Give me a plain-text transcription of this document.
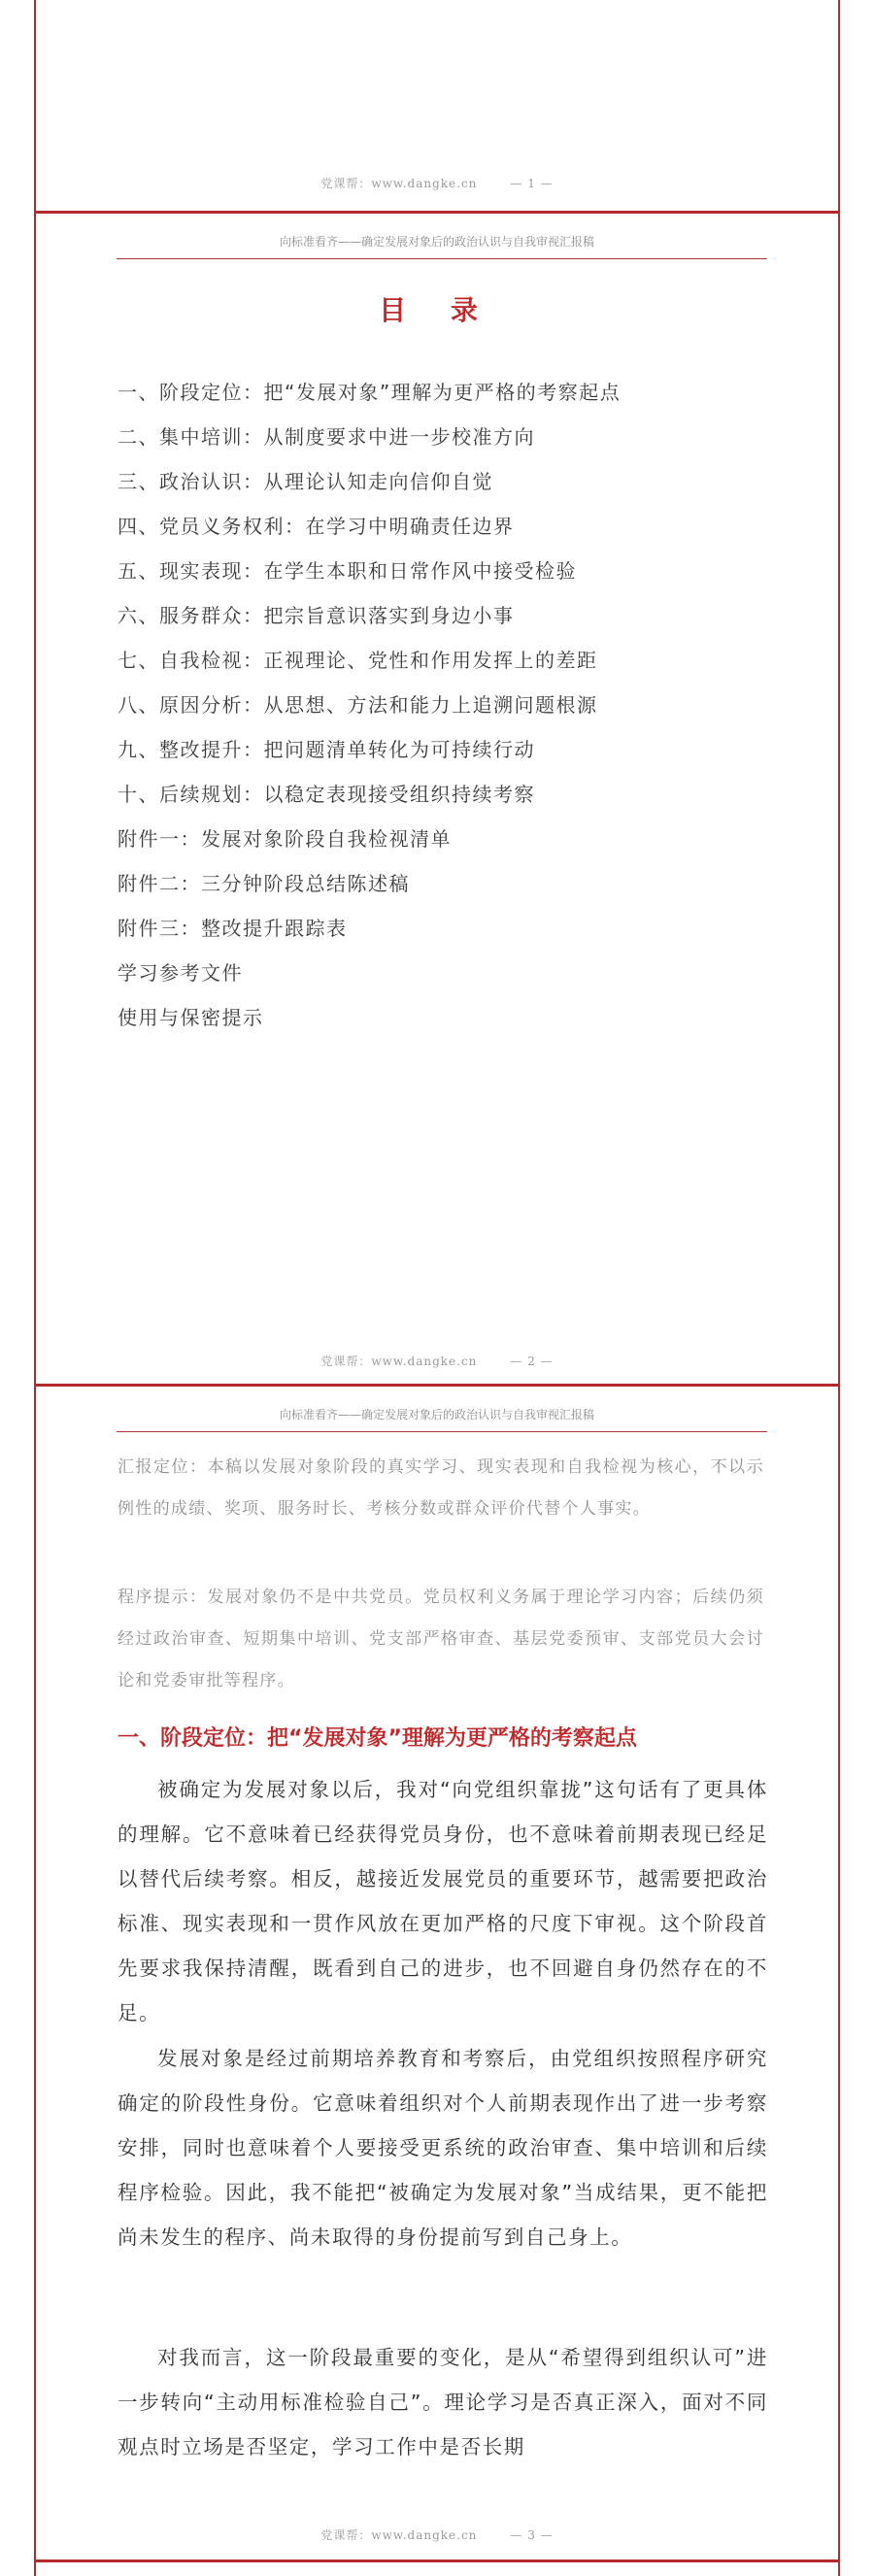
党课帮：www.dangke.cn	— 1 —
向标准看齐——确定发展对象后的政治认识与自我审视汇报稿
目 录
一、阶段定位：把“发展对象”理解为更严格的考察起点
二、集中培训：从制度要求中进一步校准方向
三、政治认识：从理论认知走向信仰自觉
四、党员义务权利：在学习中明确责任边界
五、现实表现：在学生本职和日常作风中接受检验
六、服务群众：把宗旨意识落实到身边小事
七、自我检视：正视理论、党性和作用发挥上的差距
八、原因分析：从思想、方法和能力上追溯问题根源
九、整改提升：把问题清单转化为可持续行动
十、后续规划：以稳定表现接受组织持续考察
附件一：发展对象阶段自我检视清单
附件二：三分钟阶段总结陈述稿
附件三：整改提升跟踪表
学习参考文件
使用与保密提示
党课帮：www.dangke.cn	— 2 —
向标准看齐——确定发展对象后的政治认识与自我审视汇报稿
汇报定位：本稿以发展对象阶段的真实学习、现实表现和自我检视为核心，不以示例性的成绩、奖项、服务时长、考核分数或群众评价代替个人事实。
程序提示：发展对象仍不是中共党员。党员权利义务属于理论学习内容；后续仍须经过政治审查、短期集中培训、党支部严格审查、基层党委预审、支部党员大会讨论和党委审批等程序。
一、阶段定位：把“发展对象”理解为更严格的考察起点
被确定为发展对象以后，我对“向党组织靠拢”这句话有了更具体的理解。它不意味着已经获得党员身份，也不意味着前期表现已经足以替代后续考察。相反，越接近发展党员的重要环节，越需要把政治标准、现实表现和一贯作风放在更加严格的尺度下审视。这个阶段首先要求我保持清醒，既看到自己的进步，也不回避自身仍然存在的不足。
发展对象是经过前期培养教育和考察后，由党组织按照程序研究确定的阶段性身份。它意味着组织对个人前期表现作出了进一步考察安排，同时也意味着个人要接受更系统的政治审查、集中培训和后续程序检验。因此，我不能把“被确定为发展对象”当成结果，更不能把尚未发生的程序、尚未取得的身份提前写到自己身上。
对我而言，这一阶段最重要的变化，是从“希望得到组织认可”进一步转向“主动用标准检验自己”。理论学习是否真正深入，面对不同观点时立场是否坚定，学习工作中是否长期
党课帮：www.dangke.cn	— 3 —
